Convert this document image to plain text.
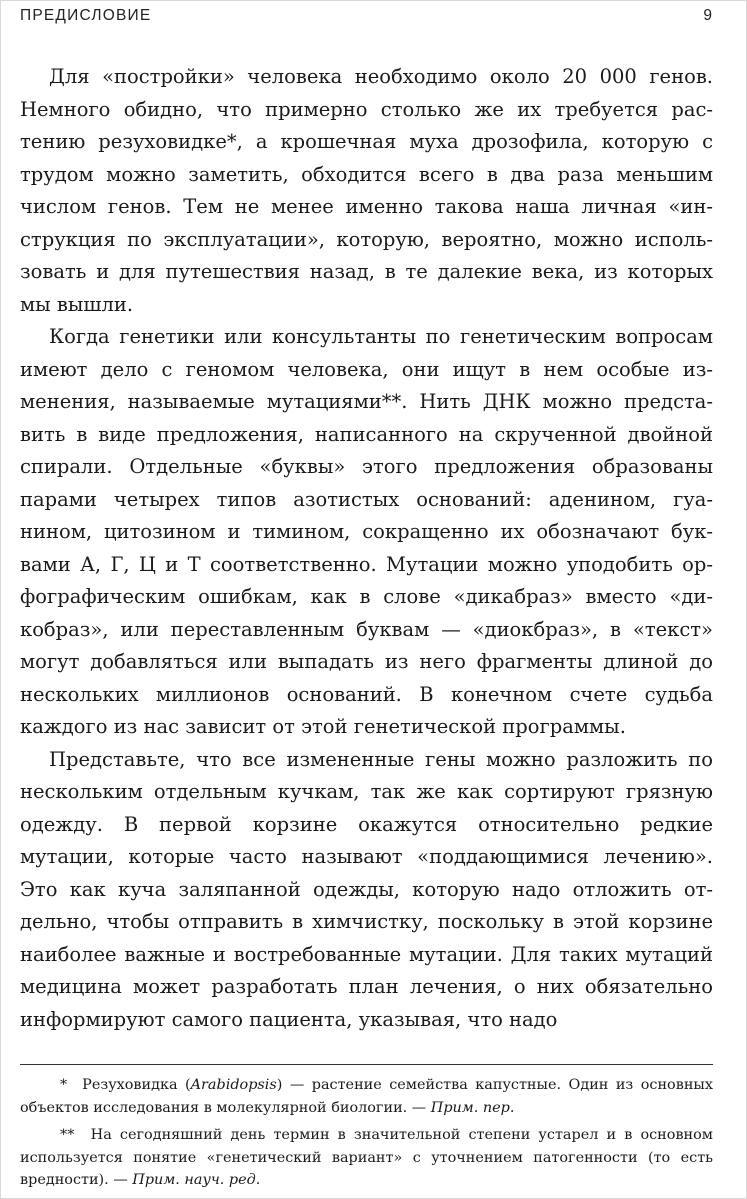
ПРЕДИСЛОВИЕ	9

Для «постройки» человека необходимо около 20 000 генов. Немного обидно, что примерно столько же их требуется растению резуховидке*, а крошечная муха дрозофила, которую с трудом можно заметить, обходится всего в два раза меньшим числом генов. Тем не менее именно такова наша личная «инструкция по эксплуатации», которую, вероятно, можно использовать и для путешествия назад, в те далекие века, из которых мы вышли.

Когда генетики или консультанты по генетическим вопросам имеют дело с геномом человека, они ищут в нем особые изменения, называемые мутациями**. Нить ДНК можно представить в виде предложения, написанного на скрученной двойной спирали. Отдельные «буквы» этого предложения образованы парами четырех типов азотистых оснований: аденином, гуанином, цитозином и тимином, сокращенно их обозначают буквами А, Г, Ц и Т соответственно. Мутации можно уподобить орфографическим ошибкам, как в слове «дикабраз» вместо «дикобраз», или переставленным буквам — «диокбраз», в «текст» могут добавляться или выпадать из него фрагменты длиной до нескольких миллионов оснований. В конечном счете судьба каждого из нас зависит от этой генетической программы.

Представьте, что все измененные гены можно разложить по нескольким отдельным кучкам, так же как сортируют грязную одежду. В первой корзине окажутся относительно редкие мутации, которые часто называют «поддающимися лечению». Это как куча заляпанной одежды, которую надо отложить отдельно, чтобы отправить в химчистку, поскольку в этой корзине наиболее важные и востребованные мутации. Для таких мутаций медицина может разработать план лечения, о них обязательно информируют самого пациента, указывая, что надо

* Резуховидка (Arabidopsis) — растение семейства капустные. Один из основных объектов исследования в молекулярной биологии. — Прим. пер.

** На сегодняшний день термин в значительной степени устарел и в основном используется понятие «генетический вариант» с уточнением патогенности (то есть вредности). — Прим. науч. ред.
